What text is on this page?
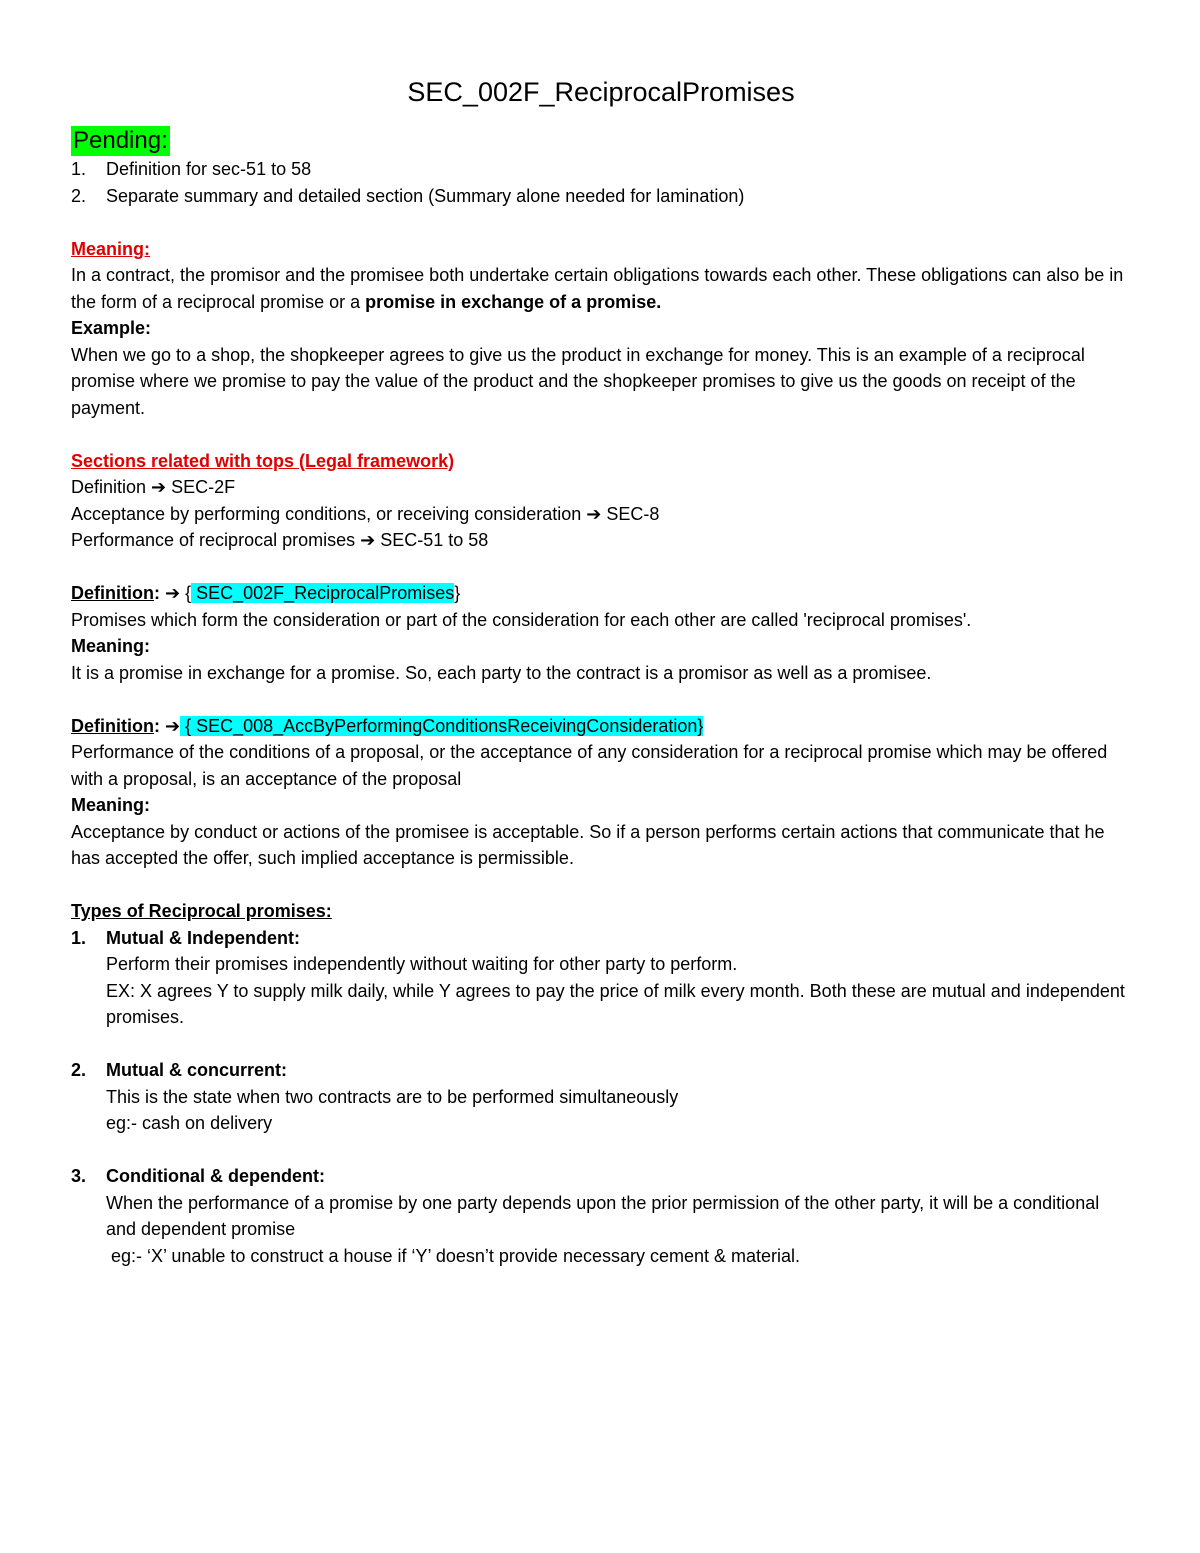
SEC_002F_ReciprocalPromises
Pending:
1.	Definition for sec-51 to 58
2.	Separate summary and detailed section (Summary alone needed for lamination)
Meaning:

In a contract, the promisor and the promisee both undertake certain obligations towards each other. These obligations can also be in the form of a reciprocal promise or a promise in exchange of a promise.

Example:

When we go to a shop, the shopkeeper agrees to give us the product in exchange for money. This is an example of a reciprocal promise where we promise to pay the value of the product and the shopkeeper promises to give us the goods on receipt of the payment.

Sections related with tops (Legal framework)
Definition ➔ SEC-2F
Acceptance by performing conditions, or receiving consideration ➔ SEC-8
Performance of reciprocal promises ➔ SEC-51 to 58
Definition: ➔ { SEC_002F_ReciprocalPromises}

Promises which form the consideration or part of the consideration for each other are called 'reciprocal promises'.

Meaning:

It is a promise in exchange for a promise. So, each party to the contract is a promisor as well as a promisee.

Definition: ➔ { SEC_008_AccByPerformingConditionsReceivingConsideration}

Performance of the conditions of a proposal, or the acceptance of any consideration for a reciprocal promise which may be offered with a proposal, is an acceptance of the proposal

Meaning:

Acceptance by conduct or actions of the promisee is acceptable. So if a person performs certain actions that communicate that he has accepted the offer, such implied acceptance is permissible.

Types of Reciprocal promises:
1.	Mutual & Independent:

Perform their promises independently without waiting for other party to perform.

EX: X agrees Y to supply milk daily, while Y agrees to pay the price of milk every month. Both these are mutual and independent promises.

2.	Mutual & concurrent:

This is the state when two contracts are to be performed simultaneously

eg:- cash on delivery

3.	Conditional & dependent:

When the performance of a promise by one party depends upon the prior permission of the other party, it will be a conditional and dependent promise

eg:- ‘X’ unable to construct a house if ‘Y’ doesn’t provide necessary cement & material.
